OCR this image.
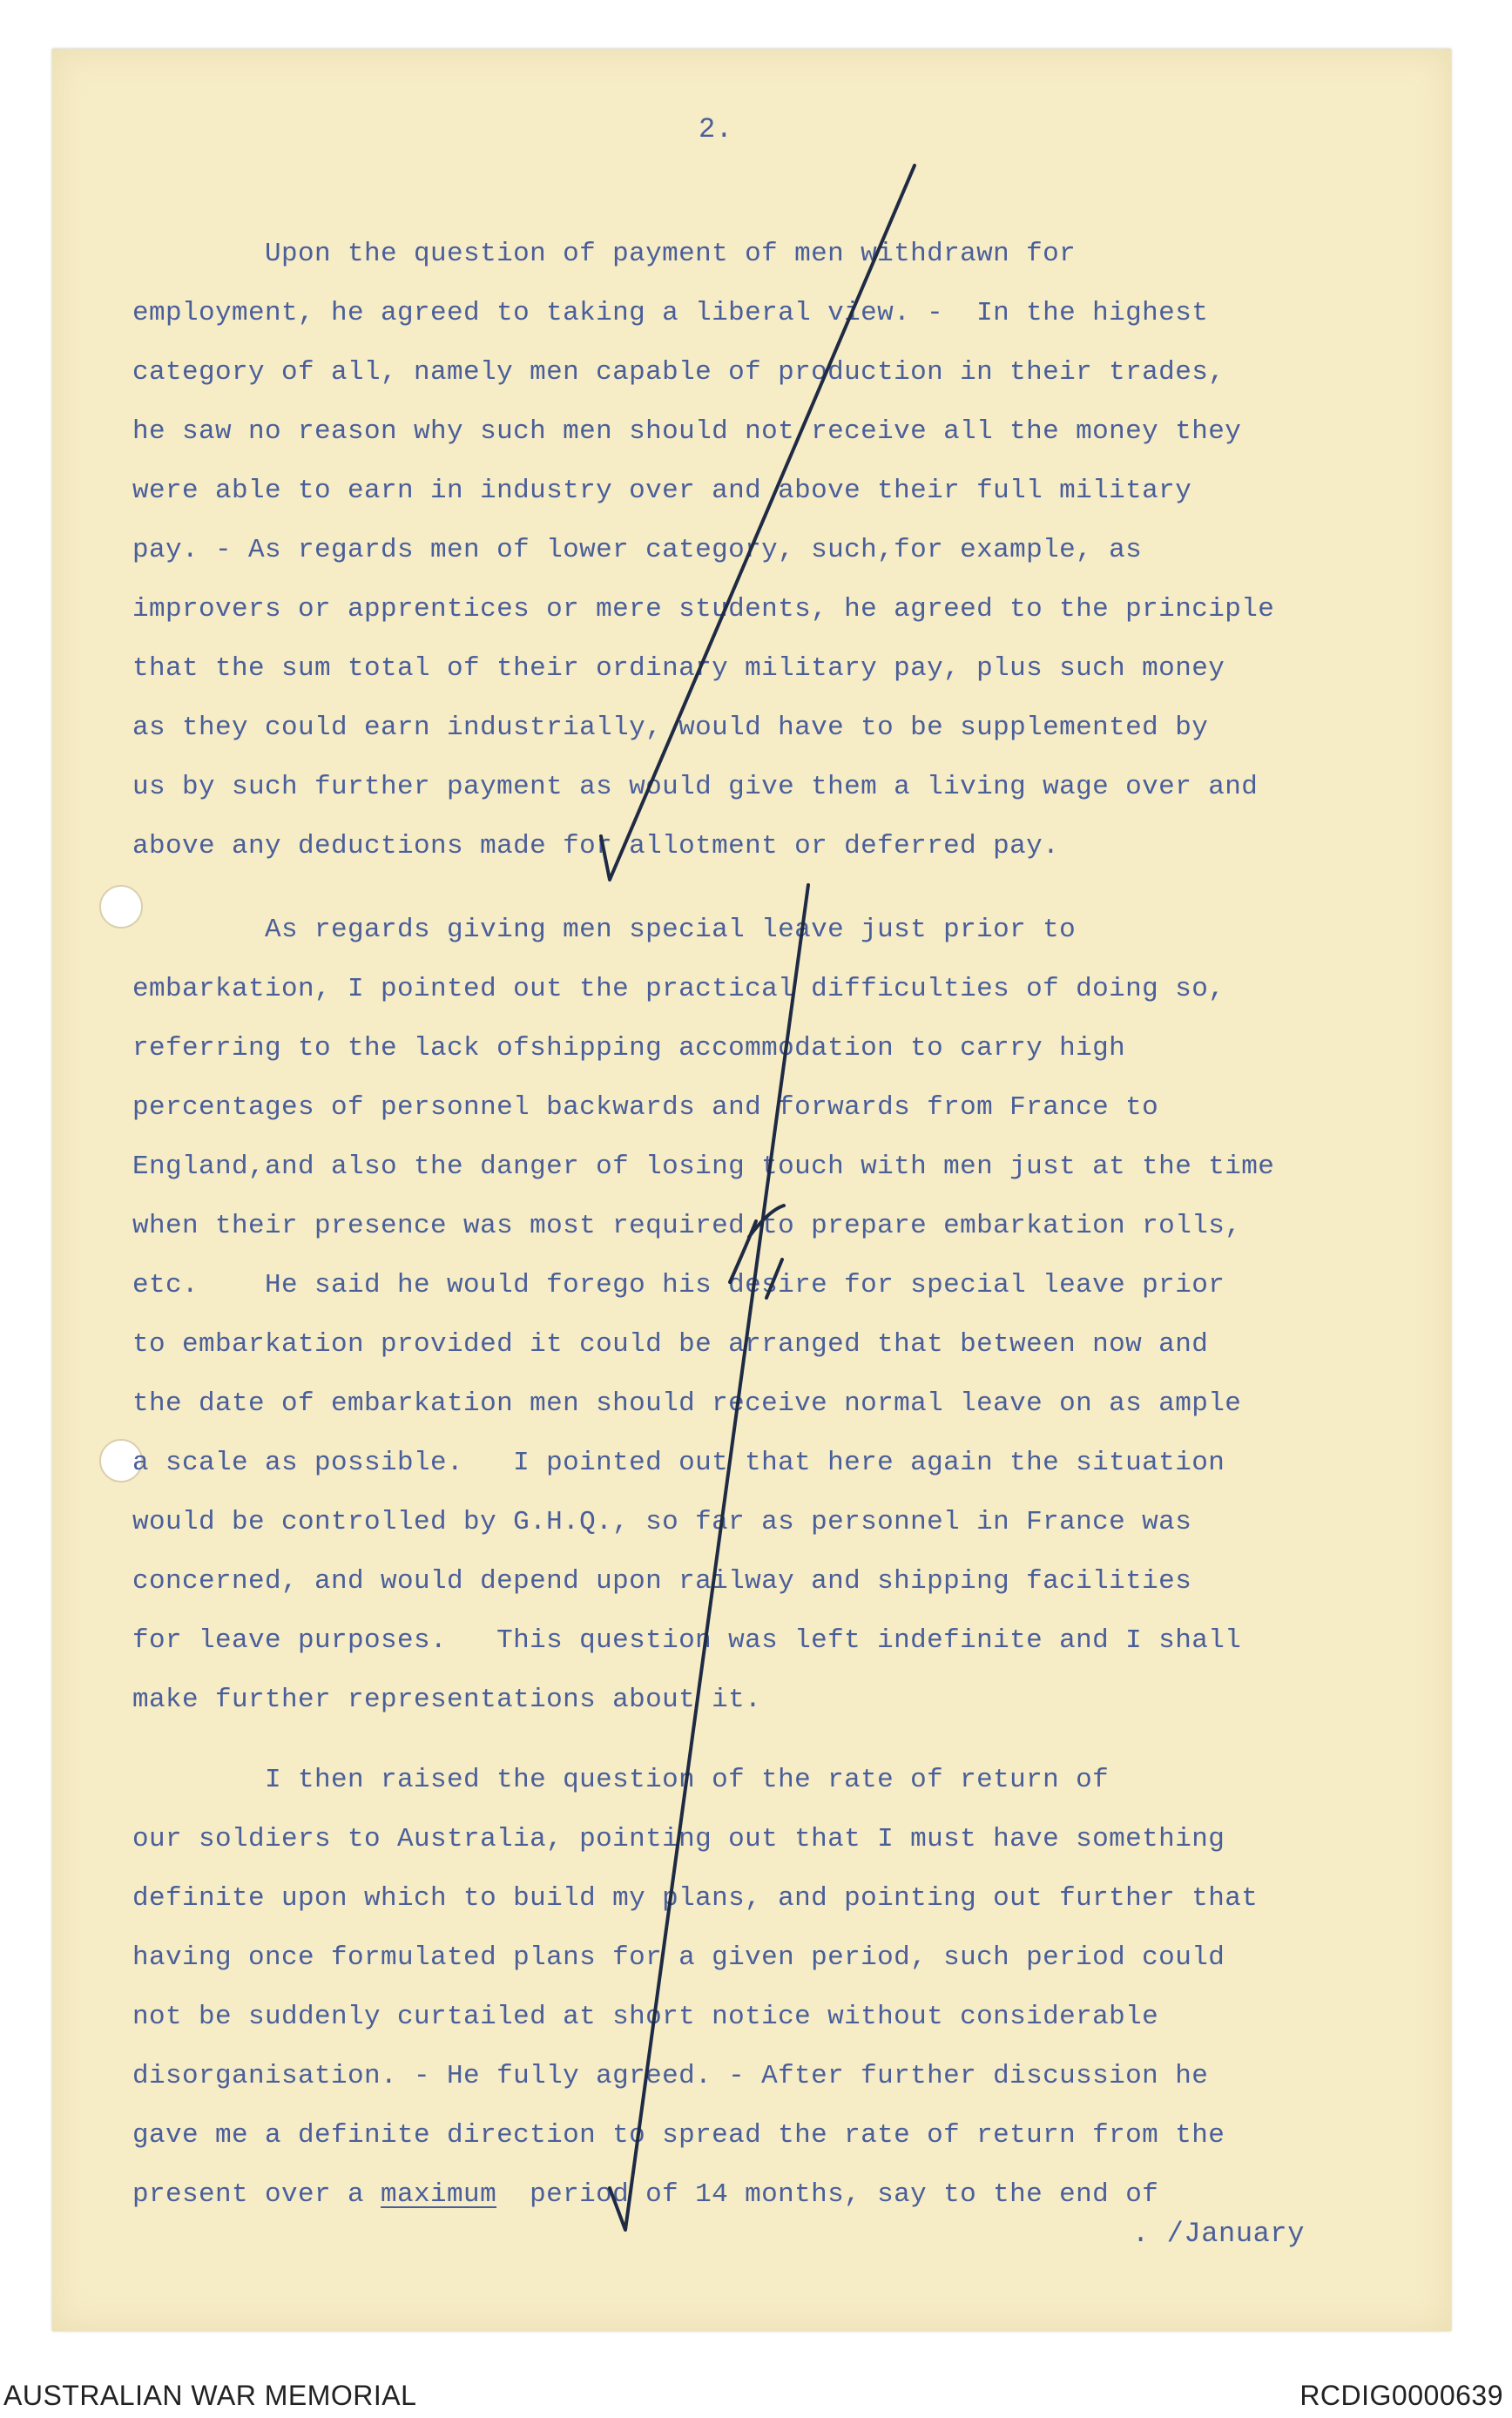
2.
Upon the question of payment of men withdrawn for
employment, he agreed to taking a liberal view. -  In the highest
category of all, namely men capable of production in their trades,
he saw no reason why such men should not receive all the money they
were able to earn in industry over and above their full military
pay. - As regards men of lower category, such,for example, as
improvers or apprentices or mere students, he agreed to the principle
that the sum total of their ordinary military pay, plus such money
as they could earn industrially, would have to be supplemented by
us by such further payment as would give them a living wage over and
above any deductions made for allotment or deferred pay.
As regards giving men special leave just prior to
embarkation, I pointed out the practical difficulties of doing so,
referring to the lack ofshipping accommodation to carry high
percentages of personnel backwards and forwards from France to
England,and also the danger of losing touch with men just at the time
when their presence was most required to prepare embarkation rolls,
etc.    He said he would forego his desire for special leave prior
to embarkation provided it could be arranged that between now and
the date of embarkation men should receive normal leave on as ample
a scale as possible.   I pointed out that here again the situation
would be controlled by G.H.Q., so far as personnel in France was
concerned, and would depend upon railway and shipping facilities
for leave purposes.   This question was left indefinite and I shall
make further representations about it.
I then raised the question of the rate of return of
our soldiers to Australia, pointing out that I must have something
definite upon which to build my plans, and pointing out further that
having once formulated plans for a given period, such period could
not be suddenly curtailed at short notice without considerable
disorganisation. - He fully agreed. - After further discussion he
gave me a definite direction to spread the rate of return from the
present over a maximum  period of 14 months, say to the end of
. /January
AUSTRALIAN WAR MEMORIAL	RCDIG0000639
